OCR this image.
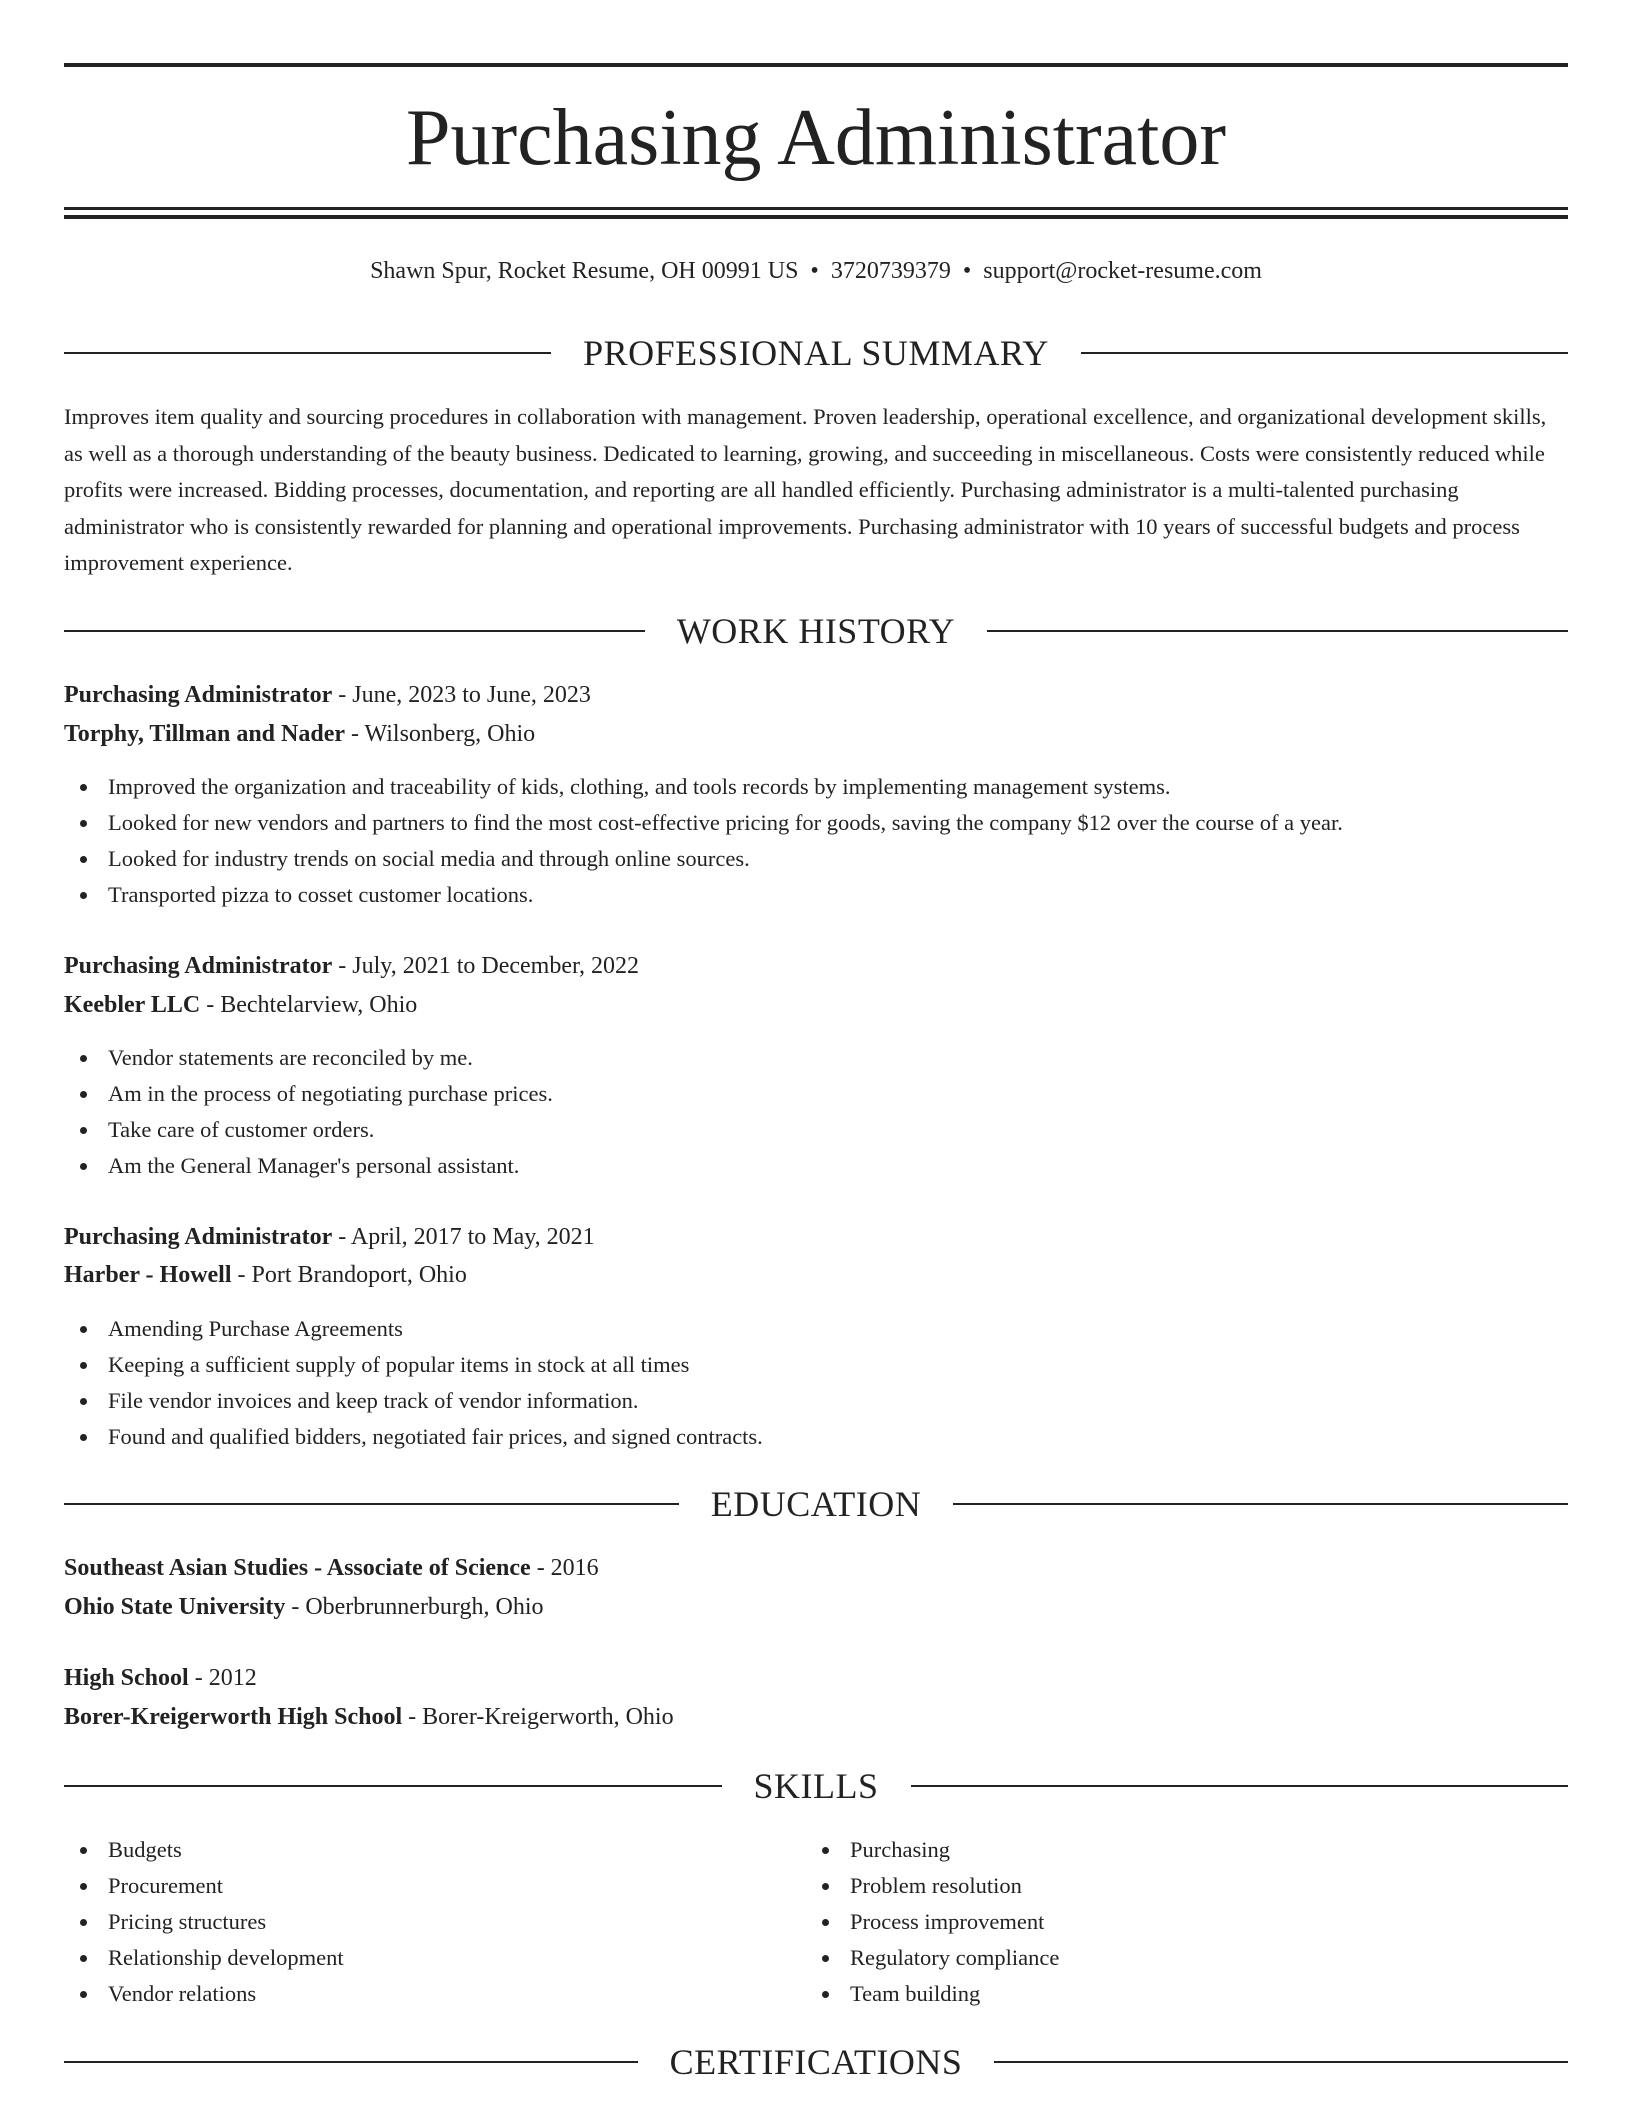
Purchasing Administrator
Shawn Spur, Rocket Resume, OH 00991 US • 3720739379 • support@rocket-resume.com
PROFESSIONAL SUMMARY

Improves item quality and sourcing procedures in collaboration with management. Proven leadership, operational excellence, and organizational development skills, as well as a thorough understanding of the beauty business. Dedicated to learning, growing, and succeeding in miscellaneous. Costs were consistently reduced while profits were increased. Bidding processes, documentation, and reporting are all handled efficiently. Purchasing administrator is a multi-talented purchasing administrator who is consistently rewarded for planning and operational improvements. Purchasing administrator with 10 years of successful budgets and process improvement experience.

WORK HISTORY
Purchasing Administrator - June, 2023 to June, 2023
Torphy, Tillman and Nader - Wilsonberg, Ohio
Improved the organization and traceability of kids, clothing, and tools records by implementing management systems.
Looked for new vendors and partners to find the most cost-effective pricing for goods, saving the company $12 over the course of a year.
Looked for industry trends on social media and through online sources.
Transported pizza to cosset customer locations.
Purchasing Administrator - July, 2021 to December, 2022
Keebler LLC - Bechtelarview, Ohio
Vendor statements are reconciled by me.
Am in the process of negotiating purchase prices.
Take care of customer orders.
Am the General Manager's personal assistant.
Purchasing Administrator - April, 2017 to May, 2021
Harber - Howell - Port Brandoport, Ohio
Amending Purchase Agreements
Keeping a sufficient supply of popular items in stock at all times
File vendor invoices and keep track of vendor information.
Found and qualified bidders, negotiated fair prices, and signed contracts.
EDUCATION
Southeast Asian Studies - Associate of Science - 2016
Ohio State University - Oberbrunnerburgh, Ohio
High School - 2012
Borer-Kreigerworth High School - Borer-Kreigerworth, Ohio
SKILLS
Budgets
Procurement
Pricing structures
Relationship development
Vendor relations
Purchasing
Problem resolution
Process improvement
Regulatory compliance
Team building
CERTIFICATIONS
